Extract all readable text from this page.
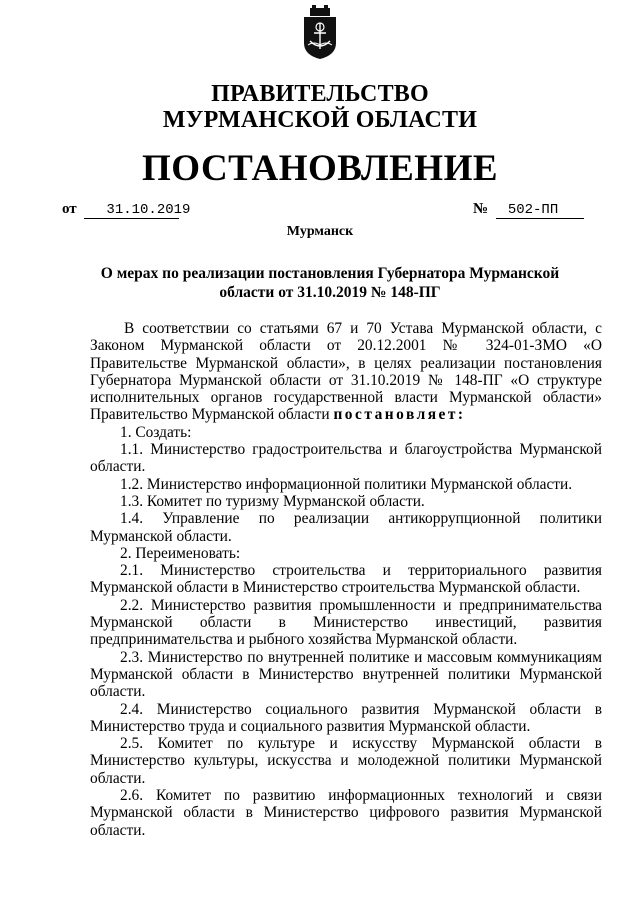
ПРАВИТЕЛЬСТВО
МУРМАНСКОЙ ОБЛАСТИ
ПОСТАНОВЛЕНИЕ
от 31.10.2019	№ 502-ПП
Мурманск
О мерах по реализации постановления Губернатора Мурманской
области от 31.10.2019 № 148-ПГ

В соответствии со статьями 67 и 70 Устава Мурманской области, с Законом Мурманской области от 20.12.2001 № 324-01-ЗМО «О Правительстве Мурманской области», в целях реализации постановления Губернатора Мурманской области от 31.10.2019 № 148-ПГ «О структуре исполнительных органов государственной власти Мурманской области» Правительство Мурманской области постановляет:

1. Создать:

1.1. Министерство градостроительства и благоустройства Мурманской области.

1.2. Министерство информационной политики Мурманской области.

1.3. Комитет по туризму Мурманской области.

1.4. Управление по реализации антикоррупционной политики Мурманской области.

2. Переименовать:

2.1. Министерство строительства и территориального развития Мурманской области в Министерство строительства Мурманской области.

2.2. Министерство развития промышленности и предпринимательства Мурманской области в Министерство инвестиций, развития предпринимательства и рыбного хозяйства Мурманской области.

2.3. Министерство по внутренней политике и массовым коммуникациям Мурманской области в Министерство внутренней политики Мурманской области.

2.4. Министерство социального развития Мурманской области в Министерство труда и социального развития Мурманской области.

2.5. Комитет по культуре и искусству Мурманской области в Министерство культуры, искусства и молодежной политики Мурманской области.

2.6. Комитет по развитию информационных технологий и связи Мурманской области в Министерство цифрового развития Мурманской области.
